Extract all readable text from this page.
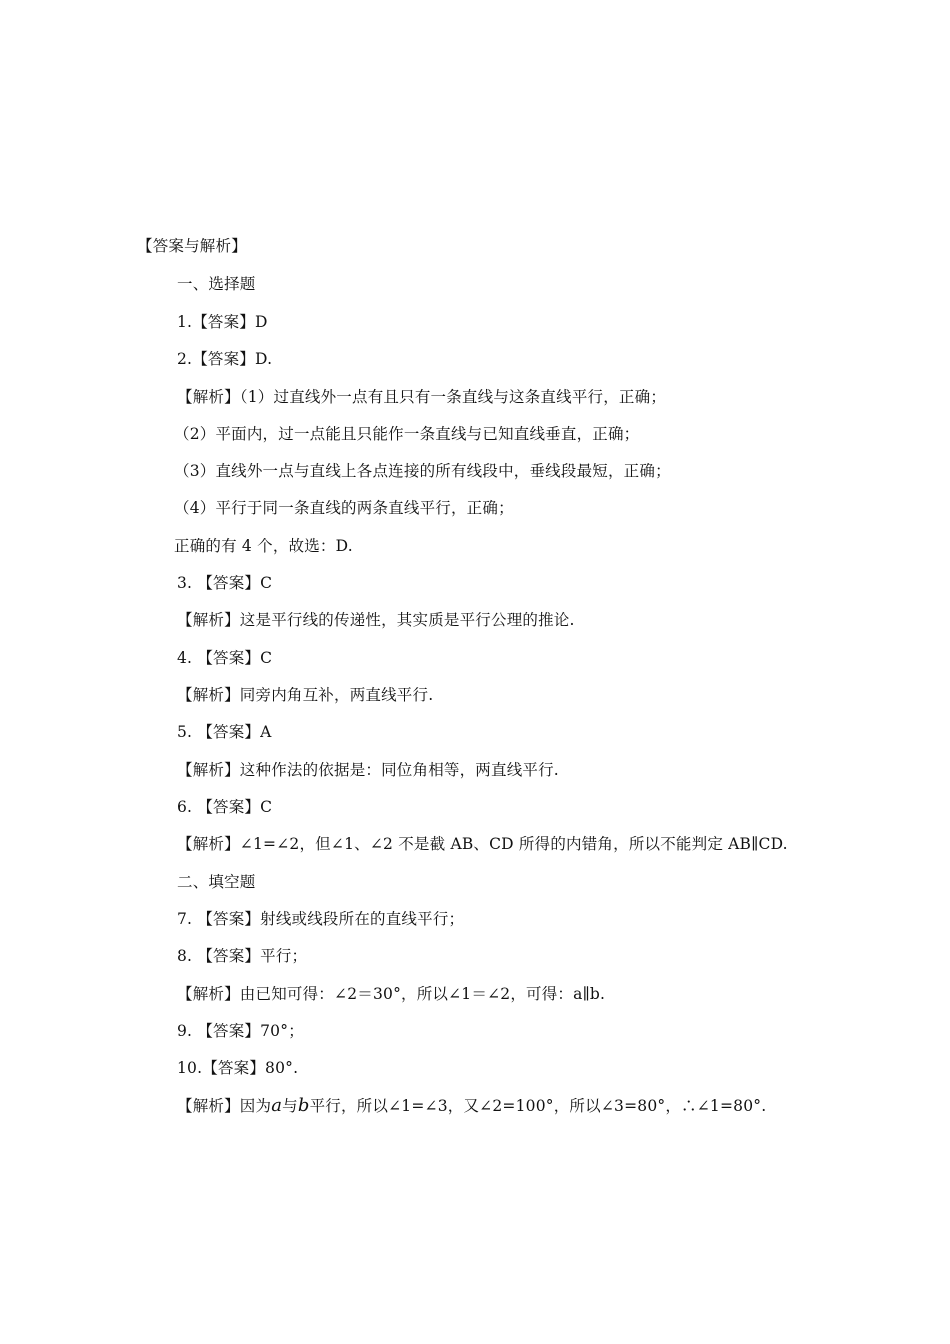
【答案与解析】
一、选择题
1.【答案】D
2.【答案】D.
【解析】（1）过直线外一点有且只有一条直线与这条直线平行，正确；
（2）平面内，过一点能且只能作一条直线与已知直线垂直，正确；
（3）直线外一点与直线上各点连接的所有线段中，垂线段最短，正确；
（4）平行于同一条直线的两条直线平行，正确；
正确的有 4 个，故选：D.
3. 【答案】C
【解析】这是平行线的传递性，其实质是平行公理的推论.
4. 【答案】C
【解析】同旁内角互补，两直线平行.
5. 【答案】A
【解析】这种作法的依据是：同位角相等，两直线平行.
6. 【答案】C
【解析】∠1=∠2，但∠1、∠2 不是截 AB、CD 所得的内错角，所以不能判定 AB∥CD.
二、填空题
7. 【答案】射线或线段所在的直线平行；
8. 【答案】平行；
【解析】由已知可得：∠2＝30°，所以∠1＝∠2，可得：a∥b.
9. 【答案】70°；
10.【答案】80°.
【解析】因为a与b平行，所以∠1=∠3，又∠2=100°，所以∠3=80°，∴∠1=80°.
